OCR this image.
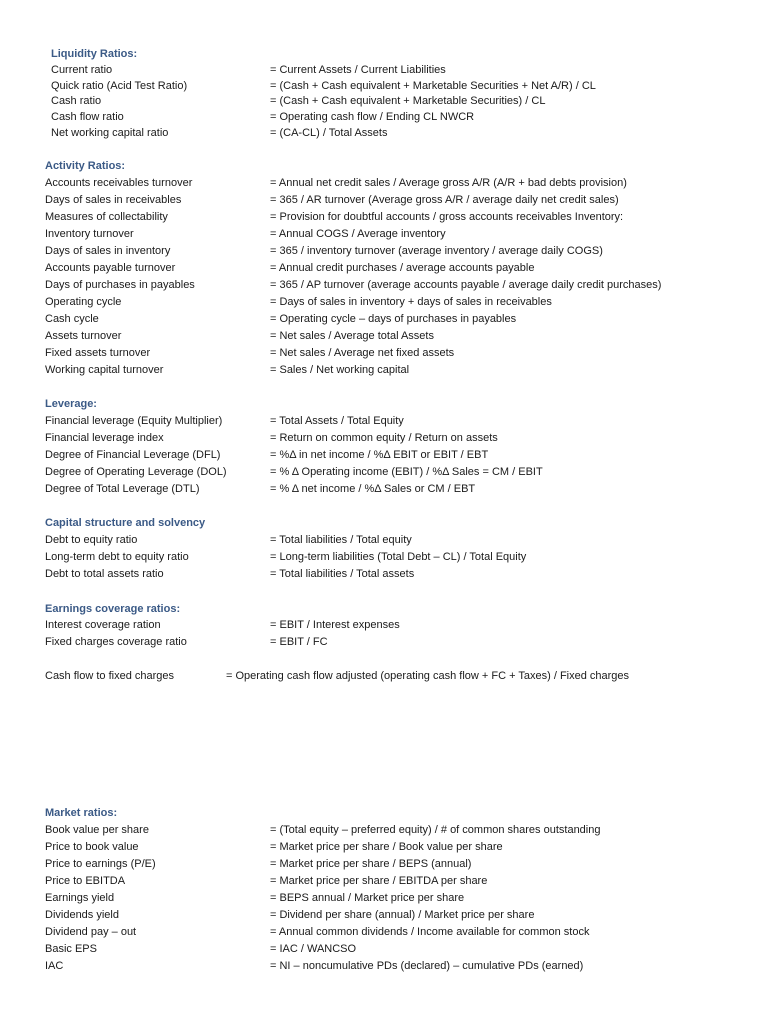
Liquidity Ratios:
Current ratio	= Current Assets / Current Liabilities
Quick ratio (Acid Test Ratio)	= (Cash + Cash equivalent + Marketable Securities + Net A/R) / CL
Cash ratio	= (Cash + Cash equivalent + Marketable Securities) / CL
Cash flow ratio	= Operating cash flow / Ending CL NWCR
Net working capital ratio	= (CA-CL) / Total Assets
Activity Ratios:
Accounts receivables turnover	= Annual net credit sales / Average gross A/R (A/R + bad debts provision)
Days of sales in receivables	= 365 / AR turnover (Average gross A/R / average daily net credit sales)
Measures of collectability	= Provision for doubtful accounts / gross accounts receivables Inventory:
Inventory turnover	= Annual COGS / Average inventory
Days of sales in inventory	= 365 / inventory turnover (average inventory / average daily COGS)
Accounts payable turnover	= Annual credit purchases / average accounts payable
Days of purchases in payables	= 365 / AP turnover (average accounts payable / average daily credit purchases)
Operating cycle	= Days of sales in inventory + days of sales in receivables
Cash cycle	= Operating cycle – days of purchases in payables
Assets turnover	= Net sales / Average total Assets
Fixed assets turnover	= Net sales / Average net fixed assets
Working capital turnover	= Sales / Net working capital
Leverage:
Financial leverage (Equity Multiplier)	= Total Assets / Total Equity
Financial leverage index	= Return on common equity / Return on assets
Degree of Financial Leverage (DFL)	= %Δ in net income / %Δ EBIT or EBIT / EBT
Degree of Operating Leverage (DOL)	= % Δ Operating income (EBIT) / %Δ Sales = CM / EBIT
Degree of Total Leverage (DTL)	= % Δ net income / %Δ Sales or CM / EBT
Capital structure and solvency
Debt to equity ratio	= Total liabilities / Total equity
Long-term debt to equity ratio	= Long-term liabilities (Total Debt – CL) / Total Equity
Debt to total assets ratio	= Total liabilities / Total assets
Earnings coverage ratios:
Interest coverage ration	= EBIT / Interest expenses
Fixed charges coverage ratio	= EBIT / FC
Cash flow to fixed charges	= Operating cash flow adjusted (operating cash flow + FC + Taxes) / Fixed charges
Market ratios:
Book value per share	= (Total equity – preferred equity) / # of common shares outstanding
Price to book value	= Market price per share / Book value per share
Price to earnings (P/E)	= Market price per share / BEPS (annual)
Price to EBITDA	= Market price per share / EBITDA per share
Earnings yield	= BEPS annual / Market price per share
Dividends yield	= Dividend per share (annual) / Market price per share
Dividend pay – out	= Annual common dividends / Income available for common stock
Basic EPS	= IAC / WANCSO
IAC	= NI – noncumulative PDs (declared) – cumulative PDs (earned)
